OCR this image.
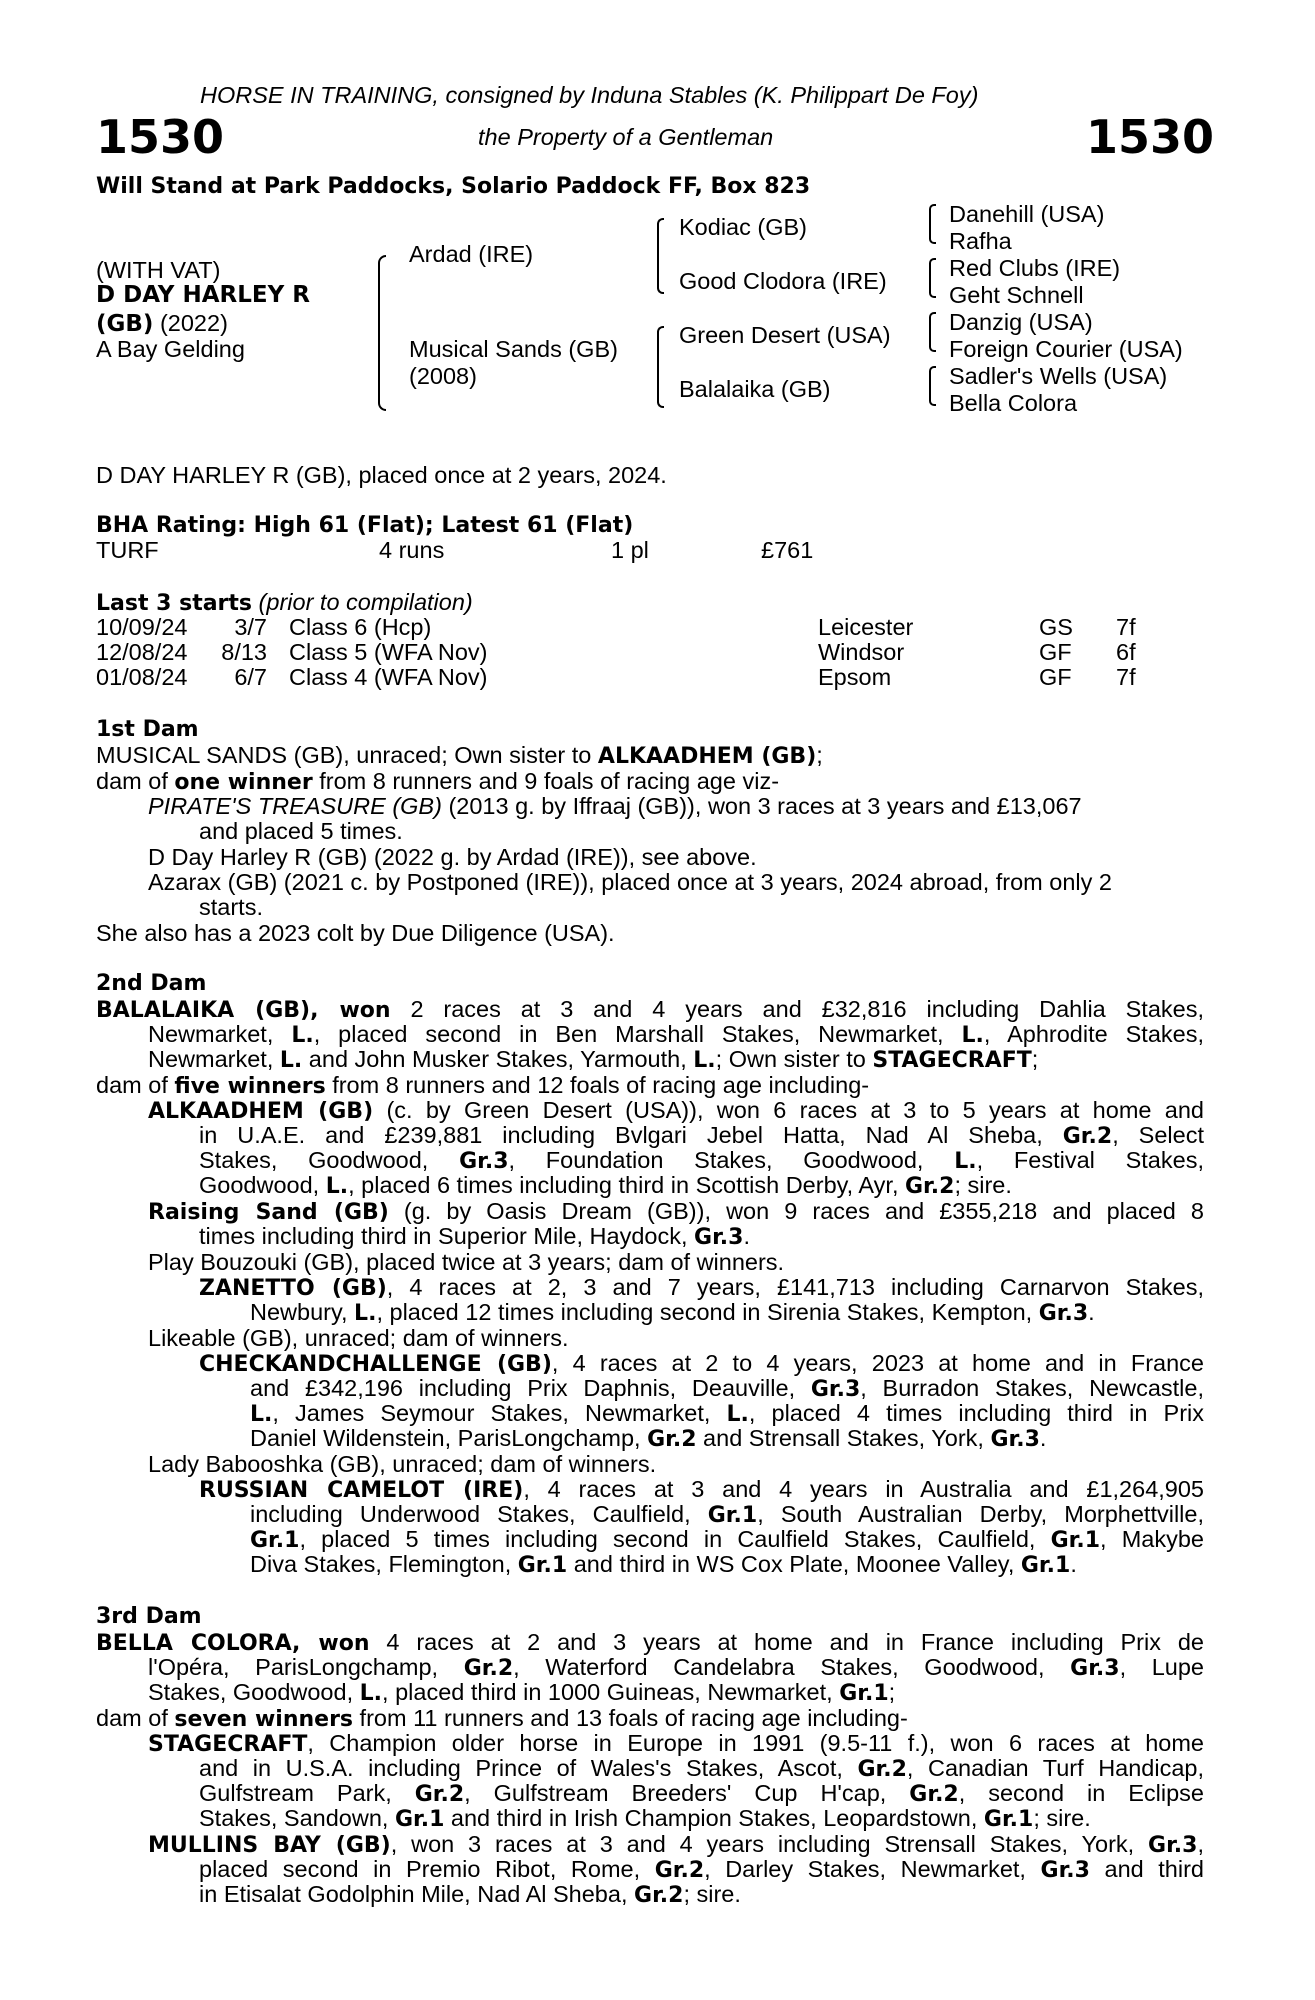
HORSE IN TRAINING, consigned by Induna Stables (K. Philippart De Foy)
1530	1530
the Property of a Gentleman
Will Stand at Park Paddocks, Solario Paddock FF, Box 823
(WITH VAT)
D DAY HARLEY R
(GB) (2022)
A Bay Gelding
Ardad (IRE)
Musical Sands (GB)
(2008)
Kodiac (GB)
Good Clodora (IRE)
Green Desert (USA)
Balalaika (GB)
Danehill (USA)
Rafha
Red Clubs (IRE)
Geht Schnell
Danzig (USA)
Foreign Courier (USA)
Sadler's Wells (USA)
Bella Colora
D DAY HARLEY R (GB), placed once at 2 years, 2024.
BHA Rating: High 61 (Flat); Latest 61 (Flat)
TURF	4 runs	1 pl	£761
Last 3 starts (prior to compilation)
10/09/24 3/7 Class 6 (Hcp)	Leicester	GS 7f
12/08/24 8/13 Class 5 (WFA Nov)	Windsor	GF 6f
01/08/24 6/7 Class 4 (WFA Nov)	Epsom	GF 7f
1st Dam
MUSICAL SANDS (GB), unraced; Own sister to ALKAADHEM (GB);
dam of one winner from 8 runners and 9 foals of racing age viz-
PIRATE'S TREASURE (GB) (2013 g. by Iffraaj (GB)), won 3 races at 3 years and £13,067
and placed 5 times.
D Day Harley R (GB) (2022 g. by Ardad (IRE)), see above.
Azarax (GB) (2021 c. by Postponed (IRE)), placed once at 3 years, 2024 abroad, from only 2
starts.
She also has a 2023 colt by Due Diligence (USA).
2nd Dam
BALALAIKA (GB), won 2 races at 3 and 4 years and £32,816 including Dahlia Stakes,
Newmarket, L., placed second in Ben Marshall Stakes, Newmarket, L., Aphrodite Stakes,
Newmarket, L. and John Musker Stakes, Yarmouth, L.; Own sister to STAGECRAFT;
dam of five winners from 8 runners and 12 foals of racing age including-
ALKAADHEM (GB) (c. by Green Desert (USA)), won 6 races at 3 to 5 years at home and
in U.A.E. and £239,881 including Bvlgari Jebel Hatta, Nad Al Sheba, Gr.2, Select
Stakes, Goodwood, Gr.3, Foundation Stakes, Goodwood, L., Festival Stakes,
Goodwood, L., placed 6 times including third in Scottish Derby, Ayr, Gr.2; sire.
Raising Sand (GB) (g. by Oasis Dream (GB)), won 9 races and £355,218 and placed 8
times including third in Superior Mile, Haydock, Gr.3.
Play Bouzouki (GB), placed twice at 3 years; dam of winners.
ZANETTO (GB), 4 races at 2, 3 and 7 years, £141,713 including Carnarvon Stakes,
Newbury, L., placed 12 times including second in Sirenia Stakes, Kempton, Gr.3.
Likeable (GB), unraced; dam of winners.
CHECKANDCHALLENGE (GB), 4 races at 2 to 4 years, 2023 at home and in France
and £342,196 including Prix Daphnis, Deauville, Gr.3, Burradon Stakes, Newcastle,
L., James Seymour Stakes, Newmarket, L., placed 4 times including third in Prix
Daniel Wildenstein, ParisLongchamp, Gr.2 and Strensall Stakes, York, Gr.3.
Lady Babooshka (GB), unraced; dam of winners.
RUSSIAN CAMELOT (IRE), 4 races at 3 and 4 years in Australia and £1,264,905
including Underwood Stakes, Caulfield, Gr.1, South Australian Derby, Morphettville,
Gr.1, placed 5 times including second in Caulfield Stakes, Caulfield, Gr.1, Makybe
Diva Stakes, Flemington, Gr.1 and third in WS Cox Plate, Moonee Valley, Gr.1.
3rd Dam
BELLA COLORA, won 4 races at 2 and 3 years at home and in France including Prix de
l'Opéra, ParisLongchamp, Gr.2, Waterford Candelabra Stakes, Goodwood, Gr.3, Lupe
Stakes, Goodwood, L., placed third in 1000 Guineas, Newmarket, Gr.1;
dam of seven winners from 11 runners and 13 foals of racing age including-
STAGECRAFT, Champion older horse in Europe in 1991 (9.5-11 f.), won 6 races at home
and in U.S.A. including Prince of Wales's Stakes, Ascot, Gr.2, Canadian Turf Handicap,
Gulfstream Park, Gr.2, Gulfstream Breeders' Cup H'cap, Gr.2, second in Eclipse
Stakes, Sandown, Gr.1 and third in Irish Champion Stakes, Leopardstown, Gr.1; sire.
MULLINS BAY (GB), won 3 races at 3 and 4 years including Strensall Stakes, York, Gr.3,
placed second in Premio Ribot, Rome, Gr.2, Darley Stakes, Newmarket, Gr.3 and third
in Etisalat Godolphin Mile, Nad Al Sheba, Gr.2; sire.
